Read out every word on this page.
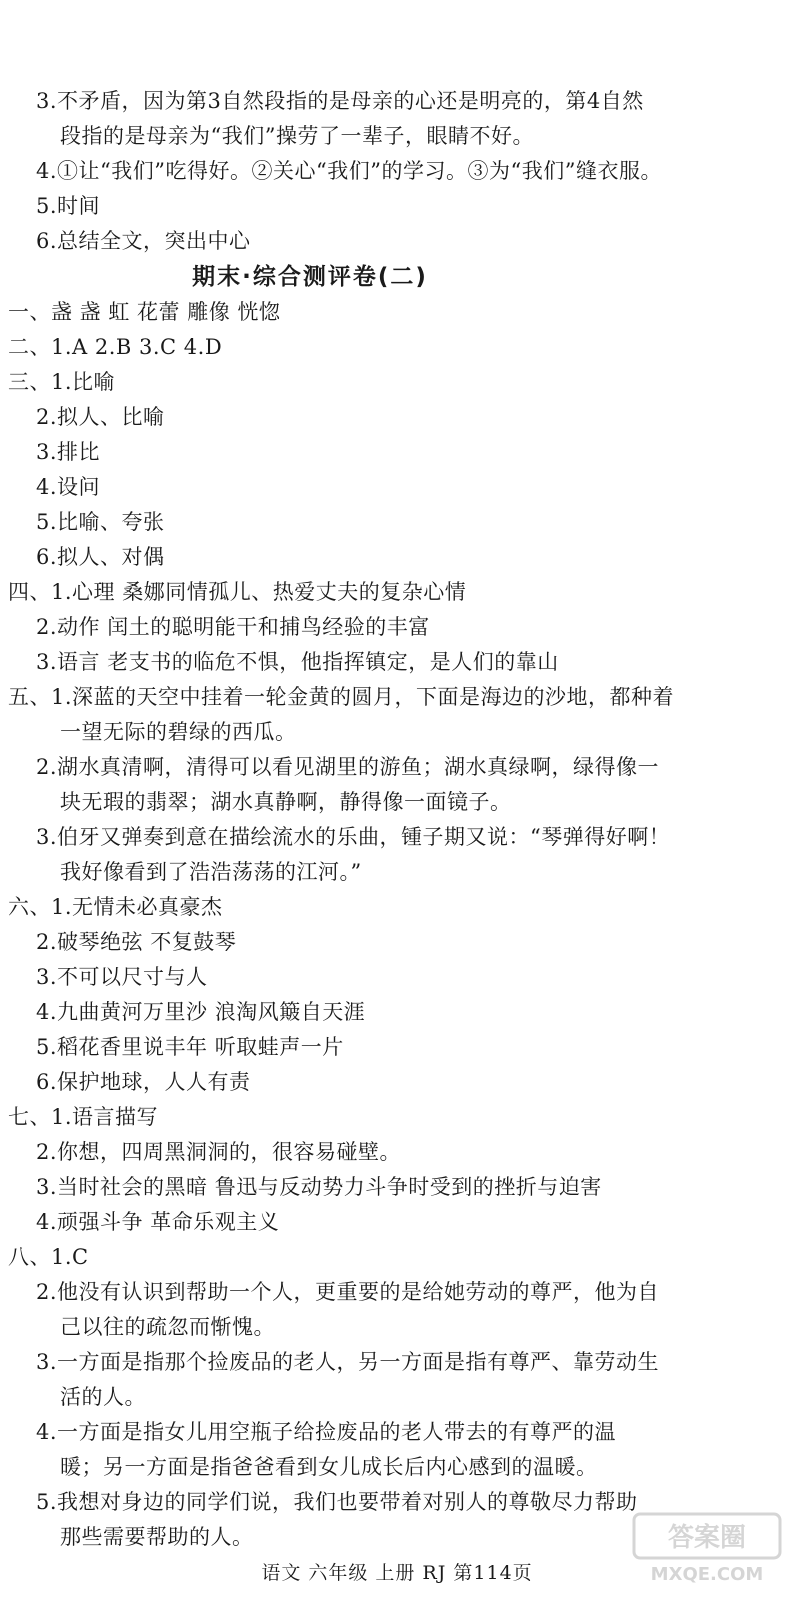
3.不矛盾，因为第3自然段指的是母亲的心还是明亮的，第4自然
段指的是母亲为“我们”操劳了一辈子，眼睛不好。
4.①让“我们”吃得好。②关心“我们”的学习。③为“我们”缝衣服。
5.时间
6.总结全文，突出中心
期末·综合测评卷(二)
一、盏 盏 虹 花蕾 雕像 恍惚
二、1.A 2.B 3.C 4.D
三、1.比喻
2.拟人、比喻
3.排比
4.设问
5.比喻、夸张
6.拟人、对偶
四、1.心理 桑娜同情孤儿、热爱丈夫的复杂心情
2.动作 闰土的聪明能干和捕鸟经验的丰富
3.语言 老支书的临危不惧，他指挥镇定，是人们的靠山
五、1.深蓝的天空中挂着一轮金黄的圆月，下面是海边的沙地，都种着
一望无际的碧绿的西瓜。
2.湖水真清啊，清得可以看见湖里的游鱼；湖水真绿啊，绿得像一
块无瑕的翡翠；湖水真静啊，静得像一面镜子。
3.伯牙又弹奏到意在描绘流水的乐曲，锺子期又说：“琴弹得好啊！
我好像看到了浩浩荡荡的江河。”
六、1.无情未必真豪杰
2.破琴绝弦 不复鼓琴
3.不可以尺寸与人
4.九曲黄河万里沙 浪淘风簸自天涯
5.稻花香里说丰年 听取蛙声一片
6.保护地球，人人有责
七、1.语言描写
2.你想，四周黑洞洞的，很容易碰壁。
3.当时社会的黑暗 鲁迅与反动势力斗争时受到的挫折与迫害
4.顽强斗争 革命乐观主义
八、1.C
2.他没有认识到帮助一个人，更重要的是给她劳动的尊严，他为自
己以往的疏忽而惭愧。
3.一方面是指那个捡废品的老人，另一方面是指有尊严、靠劳动生
活的人。
4.一方面是指女儿用空瓶子给捡废品的老人带去的有尊严的温
暖；另一方面是指爸爸看到女儿成长后内心感到的温暖。
5.我想对身边的同学们说，我们也要带着对别人的尊敬尽力帮助
那些需要帮助的人。
语文 六年级 上册 RJ 第114页
答案圈
MXQE.COM
